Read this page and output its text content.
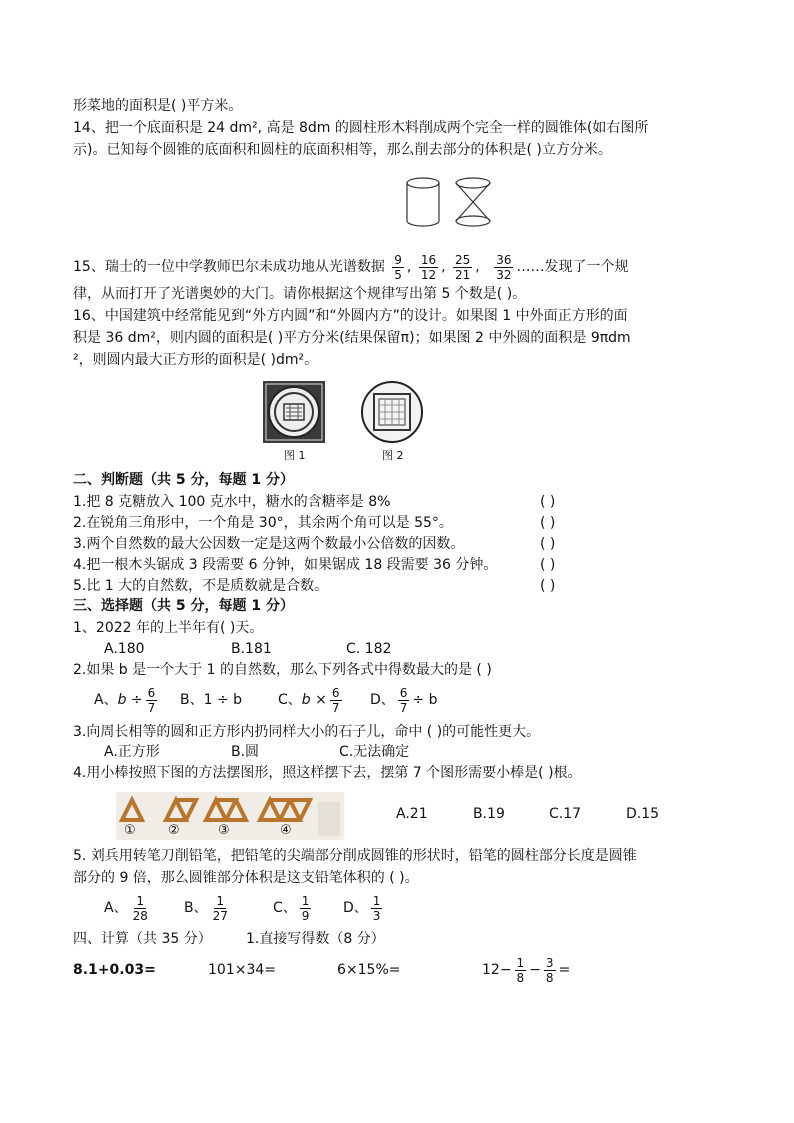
形菜地的面积是( )平方米。
14、把一个底面积是 24 dm², 高是 8dm 的圆柱形木料削成两个完全一样的圆锥体(如右图所
示)。已知每个圆锥的底面积和圆柱的底面积相等，那么削去部分的体积是( )立方分米。
15、瑞士的一位中学教师巴尔未成功地从光谱数据 $\frac{9}{5}$ , $\frac{16}{12}$ , $\frac{25}{21}$ , $\frac{36}{32}$ ……发现了一个规
律，从而打开了光谱奥妙的大门。请你根据这个规律写出第 5 个数是( )。
16、中国建筑中经常能见到“外方内圆”和“外圆内方”的设计。如果图 1 中外面正方形的面
积是 36 dm²，则内圆的面积是( )平方分米(结果保留π)；如果图 2 中外圆的面积是 9πdm
²，则圆内最大正方形的面积是( )dm²。
图 1	图 2
二、判断题（共 5 分，每题 1 分）
1.把 8 克糖放入 100 克水中，糖水的含糖率是 8%	( )
2.在锐角三角形中，一个角是 30°，其余两个角可以是 55°。	( )
3.两个自然数的最大公因数一定是这两个数最小公倍数的因数。	( )
4.把一根木头锯成 3 段需要 6 分钟，如果锯成 18 段需要 36 分钟。	( )
5.比 1 大的自然数，不是质数就是合数。	( )
三、选择题（共 5 分，每题 1 分）
1、2022 年的上半年有( )天。
A.180	B.181	C. 182
2.如果 b 是一个大于 1 的自然数，那么下列各式中得数最大的是 ( )
A、$b \div \frac{6}{7}$ B、1 ÷ b	C、$b \times \frac{6}{7}$ D、 $\frac{6}{7} \div b$
3.向周长相等的圆和正方形内扔同样大小的石子儿，命中 ( )的可能性更大。
A.正方形	B.圆	C.无法确定
4.用小棒按照下图的方法摆图形，照这样摆下去，摆第 7 个图形需要小棒是( )根。
① ②	③	④
A.21	B.19	C.17	D.15
5. 刘兵用转笔刀削铅笔，把铅笔的尖端部分削成圆锥的形状时，铅笔的圆柱部分长度是圆锥
部分的 9 倍，那么圆锥部分体积是这支铅笔体积的 ( )。
A、 $\frac{1}{28}$ B、 $\frac{1}{27}$	C、 $\frac{1}{9}$ D、 $\frac{1}{3}$
四、计算（共 35 分） 1.直接写得数（8 分）
8.1+0.03=	101×34=	6×15%=	$12- \frac{1}{8} - \frac{3}{8}$ =
